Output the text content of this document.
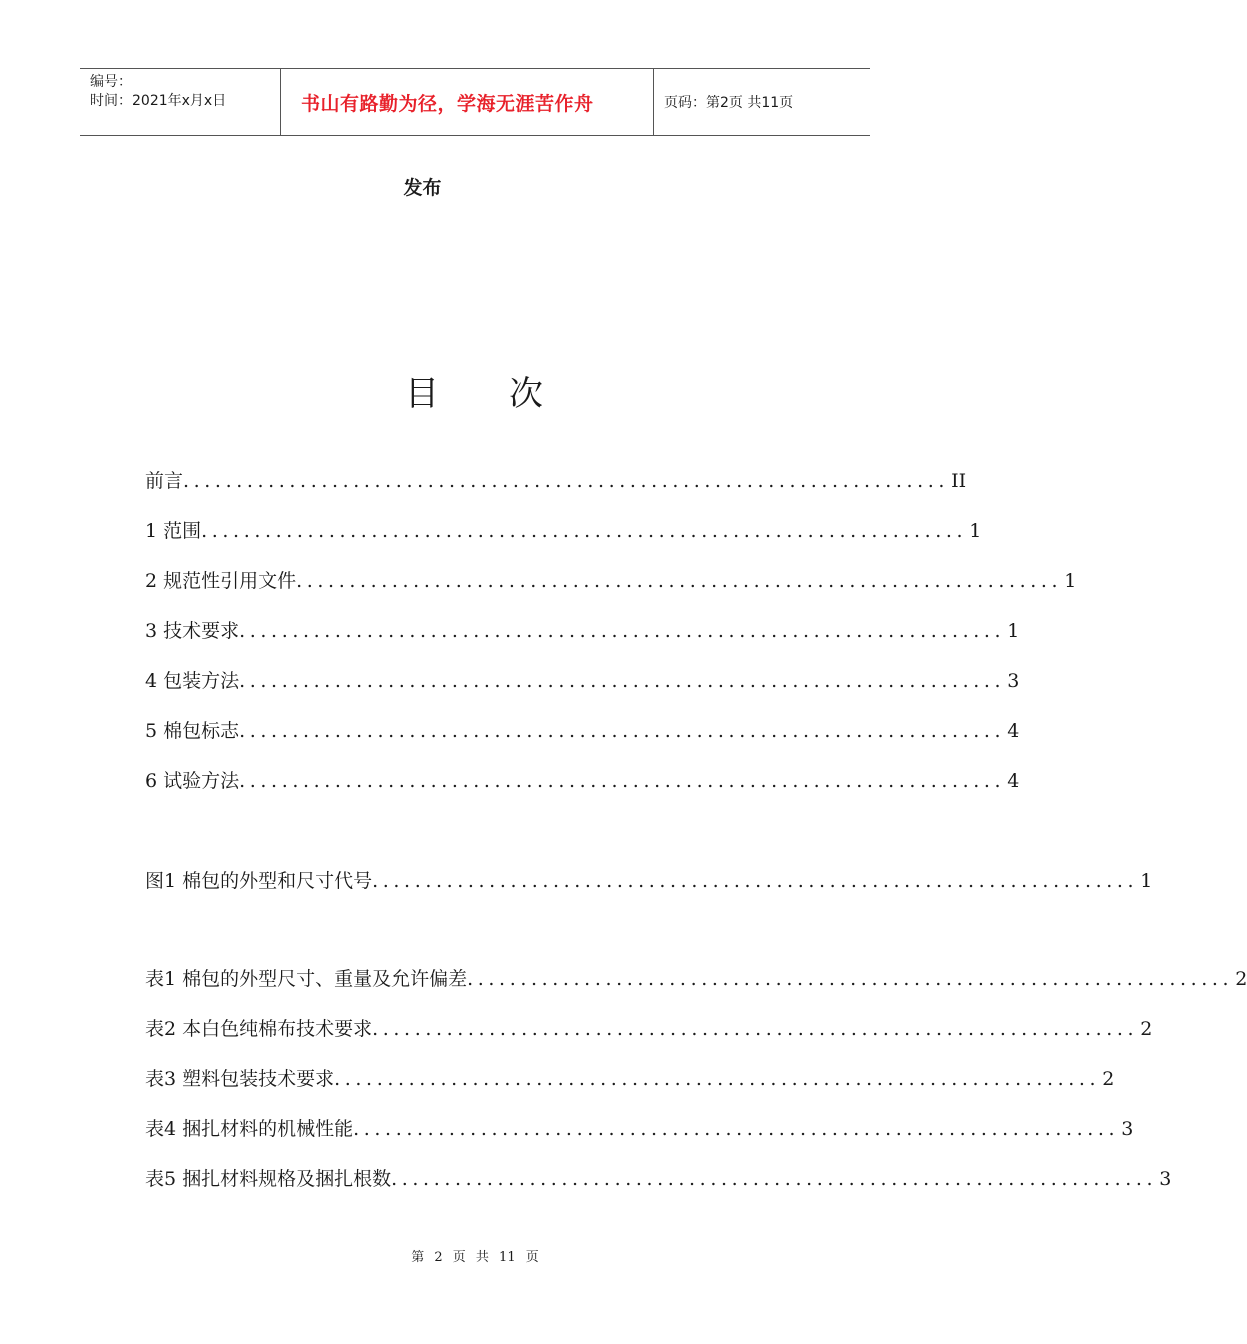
编号：
时间：2021年x月x日	书山有路勤为径，学海无涯苦作舟	页码：第2页 共11页
发布
目次
前言 ........................................................................ II
1 范围 ........................................................................ 1
2 规范性引用文件 ........................................................................ 1
3 技术要求 ........................................................................ 1
4 包装方法 ........................................................................ 3
5 棉包标志 ........................................................................ 4
6 试验方法 ........................................................................ 4
图1 棉包的外型和尺寸代号 ........................................................................ 1
表1 棉包的外型尺寸、重量及允许偏差 ........................................................................ 2
表2 本白色纯棉布技术要求 ........................................................................ 2
表3 塑料包装技术要求 ........................................................................ 2
表4 捆扎材料的机械性能 ........................................................................ 3
表5 捆扎材料规格及捆扎根数 ........................................................................ 3
第 2 页 共 11 页
